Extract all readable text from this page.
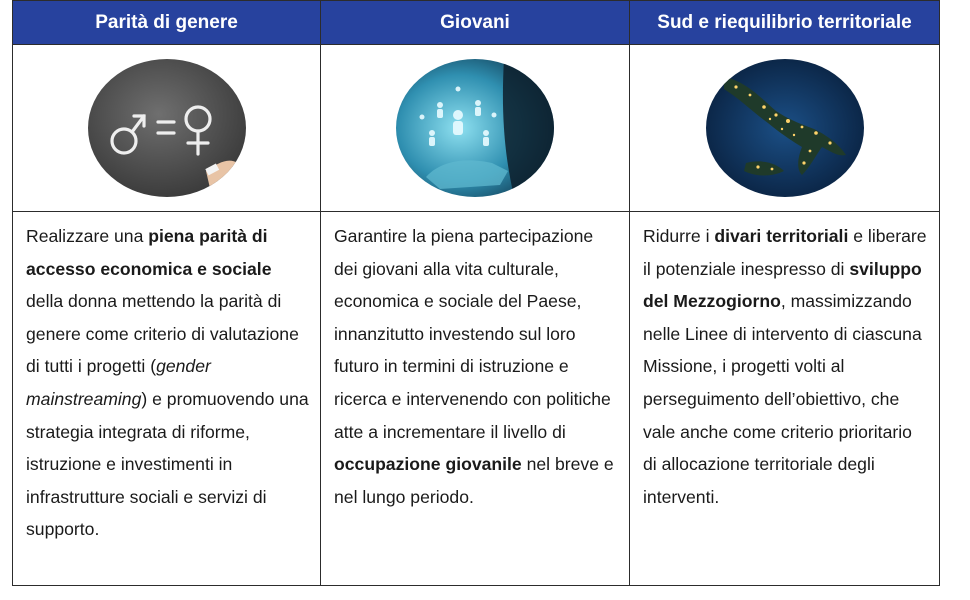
Parità di genere	Giovani	Sud e riequilibrio territoriale
Realizzare una piena parità di accesso economica e sociale della donna mettendo la parità di genere come criterio di valutazione di tutti i progetti (gender mainstreaming) e promuovendo una strategia integrata di riforme, istruzione e investimenti in infrastrutture sociali e servizi di supporto.
Garantire la piena partecipazione dei giovani alla vita culturale, economica e sociale del Paese, innanzitutto investendo sul loro futuro in termini di istruzione e ricerca e intervenendo con politiche atte a incrementare il livello di occupazione giovanile nel breve e nel lungo periodo.
Ridurre i divari territoriali e liberare il potenziale inespresso di sviluppo del Mezzogiorno, massimizzando nelle Linee di intervento di ciascuna Missione, i progetti volti al perseguimento dell’obiettivo, che vale anche come criterio prioritario di allocazione territoriale degli interventi.
